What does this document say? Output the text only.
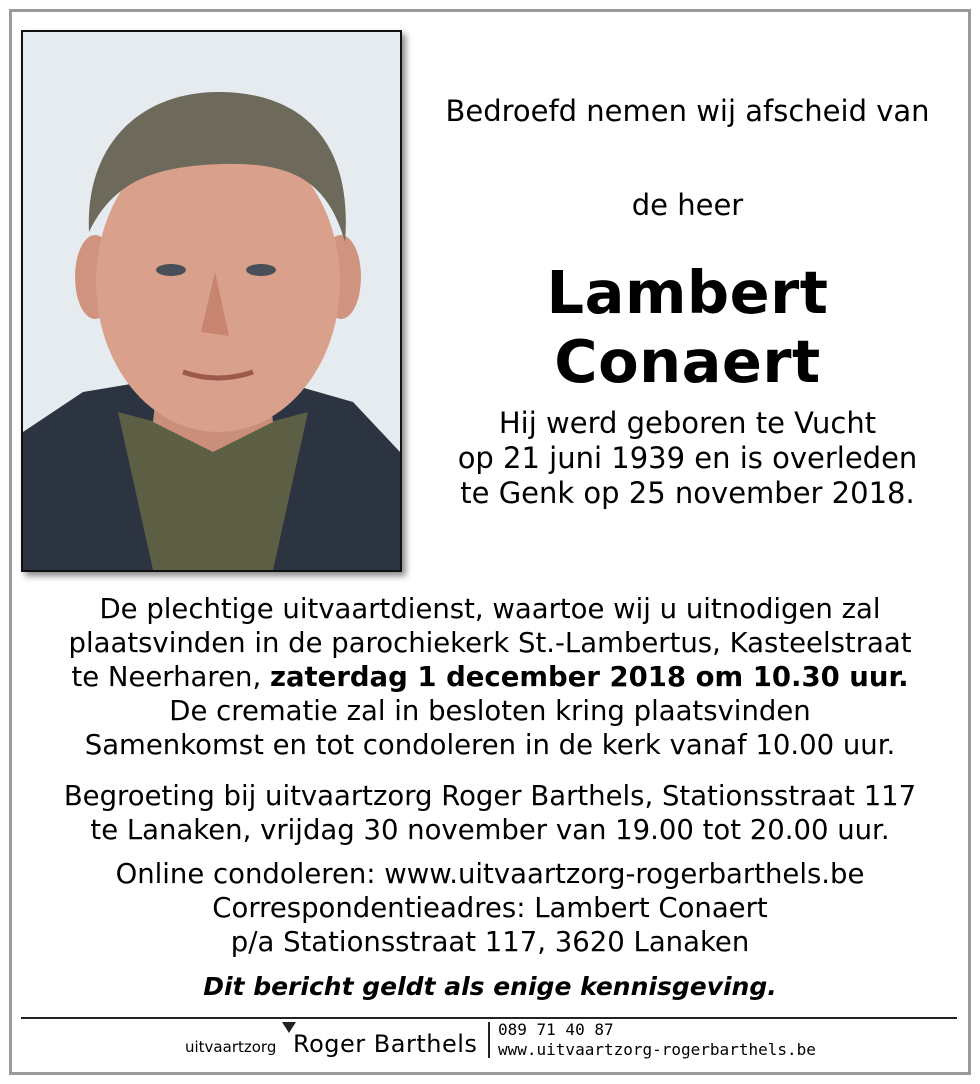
Bedroefd nemen wij afscheid van
de heer
Lambert Conaert
Hij werd geboren te Vucht
op 21 juni 1939 en is overleden
te Genk op 25 november 2018.
De plechtige uitvaartdienst, waartoe wij u uitnodigen zal
plaatsvinden in de parochiekerk St.-Lambertus, Kasteelstraat
te Neerharen, zaterdag 1 december 2018 om 10.30 uur.
De crematie zal in besloten kring plaatsvinden
Samenkomst en tot condoleren in de kerk vanaf 10.00 uur.
Begroeting bij uitvaartzorg Roger Barthels, Stationsstraat 117
te Lanaken, vrijdag 30 november van 19.00 tot 20.00 uur.
Online condoleren: www.uitvaartzorg-rogerbarthels.be
Correspondentieadres: Lambert Conaert
p/a Stationsstraat 117, 3620 Lanaken
Dit bericht geldt als enige kennisgeving.
uitvaartzorg Roger Barthels
089 71 40 87
www.uitvaartzorg-rogerbarthels.be
